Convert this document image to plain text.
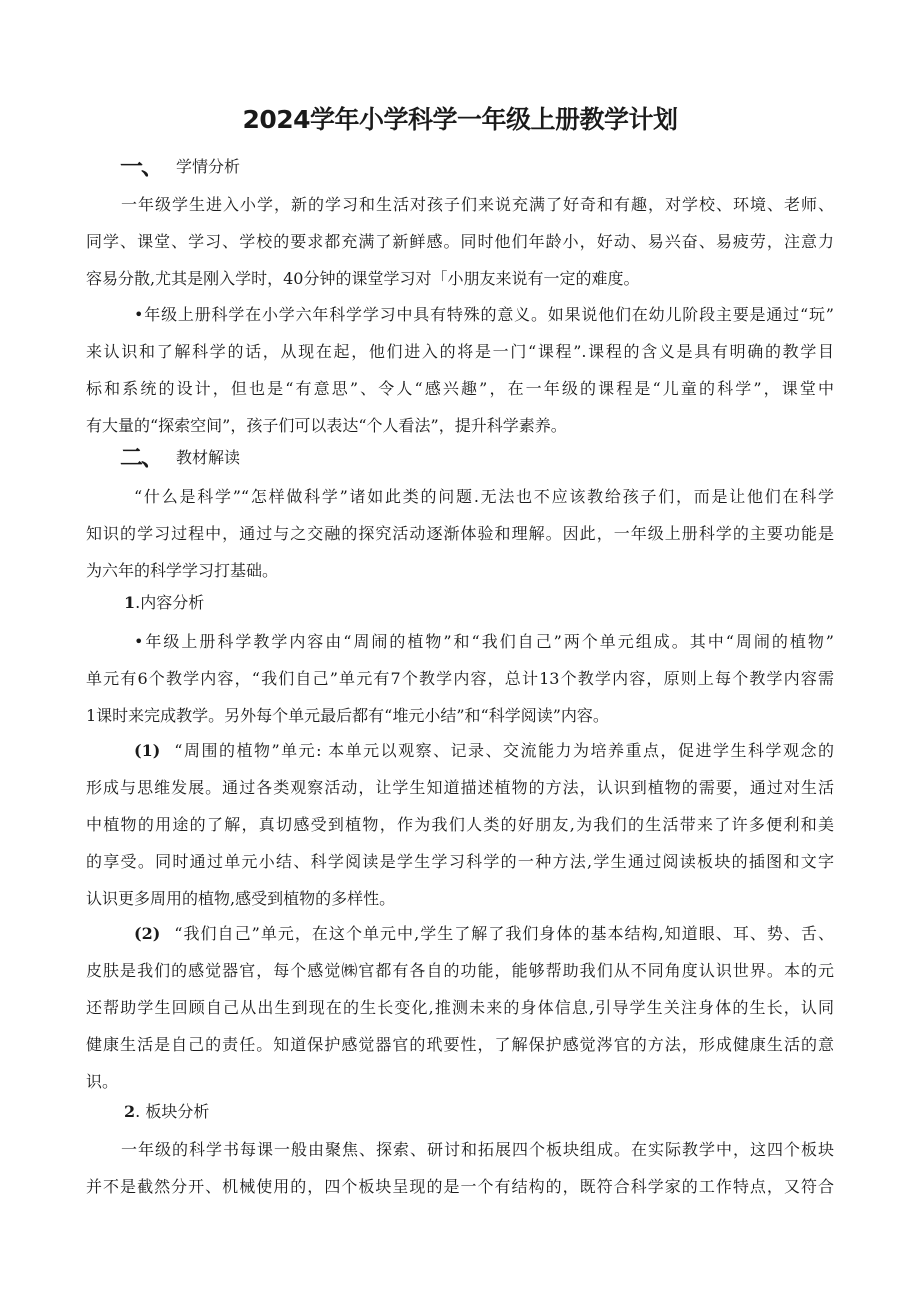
2024学年小学科学一年级上册教学计划
一、 学情分析
一年级学生进入小学，新的学习和生活对孩子们来说充满了好奇和有趣，对学校、环境、老师、
同学、课堂、学习、学校的要求都充满了新鲜感。同时他们年龄小，好动、易兴奋、易疲劳，注意力
容易分散,尤其是刚入学时，40分钟的课堂学习对「小朋友来说有一定的难度。
•年级上册科学在小学六年科学学习中具有特殊的意义。如果说他们在幼儿阶段主要是通过“玩”
来认识和了解科学的话，从现在起，他们进入的将是一门“课程”.课程的含义是具有明确的教学目
标和系统的设计，但也是“有意思”、令人“感兴趣”，在一年级的课程是“儿童的科学”，课堂中
有大量的“探索空间”，孩子们可以表达“个人看法”，提升科学素养。
二、 教材解读
“什么是科学”“怎样做科学”诸如此类的问题.无法也不应该教给孩子们，而是让他们在科学
知识的学习过程中，通过与之交融的探究活动逐渐体验和理解。因此，一年级上册科学的主要功能是
为六年的科学学习打基础。
1.内容分析
•年级上册科学教学内容由“周闹的植物”和“我们自己”两个单元组成。其中“周闹的植物”
单元有6个教学内容，“我们自己”单元有7个教学内容，总计13个教学内容，原则上每个教学内容需
1课时来完成教学。另外每个单元最后都有“堆元小结”和“科学阅读”内容。
(1) “周围的植物”单元: 本单元以观察、记录、交流能力为培养重点，促进学生科学观念的
形成与思维发展。通过各类观察活动，让学生知道描述植物的方法，认识到植物的需要，通过对生活
中植物的用途的了解，真切感受到植物，作为我们人类的好朋友,为我们的生活带来了许多便利和美
的享受。同时通过单元小结、科学阅读是学生学习科学的一种方法,学生通过阅读板块的插图和文字
认识更多周用的植物,感受到植物的多样性。
(2) “我们自己”单元，在这个单元中,学生了解了我们身体的基本结构,知道眼、耳、势、舌、
皮肤是我们的感觉器官，每个感觉㈱官都有各自的功能，能够帮助我们从不同角度认识世界。本的元
还帮助学生回顾自己从出生到现在的生长变化,推测未来的身体信息,引导学生关注身体的生长，认同
健康生活是自己的责任。知道保护感觉器官的玳要性，了解保护感觉涔官的方法，形成健康生活的意
识。
2. 板块分析
一年级的科学书每课一般由聚焦、探索、研讨和拓展四个板块组成。在实际教学中，这四个板块
并不是截然分开、机械使用的，四个板块呈现的是一个有结构的，既符合科学家的工作特点，又符合
